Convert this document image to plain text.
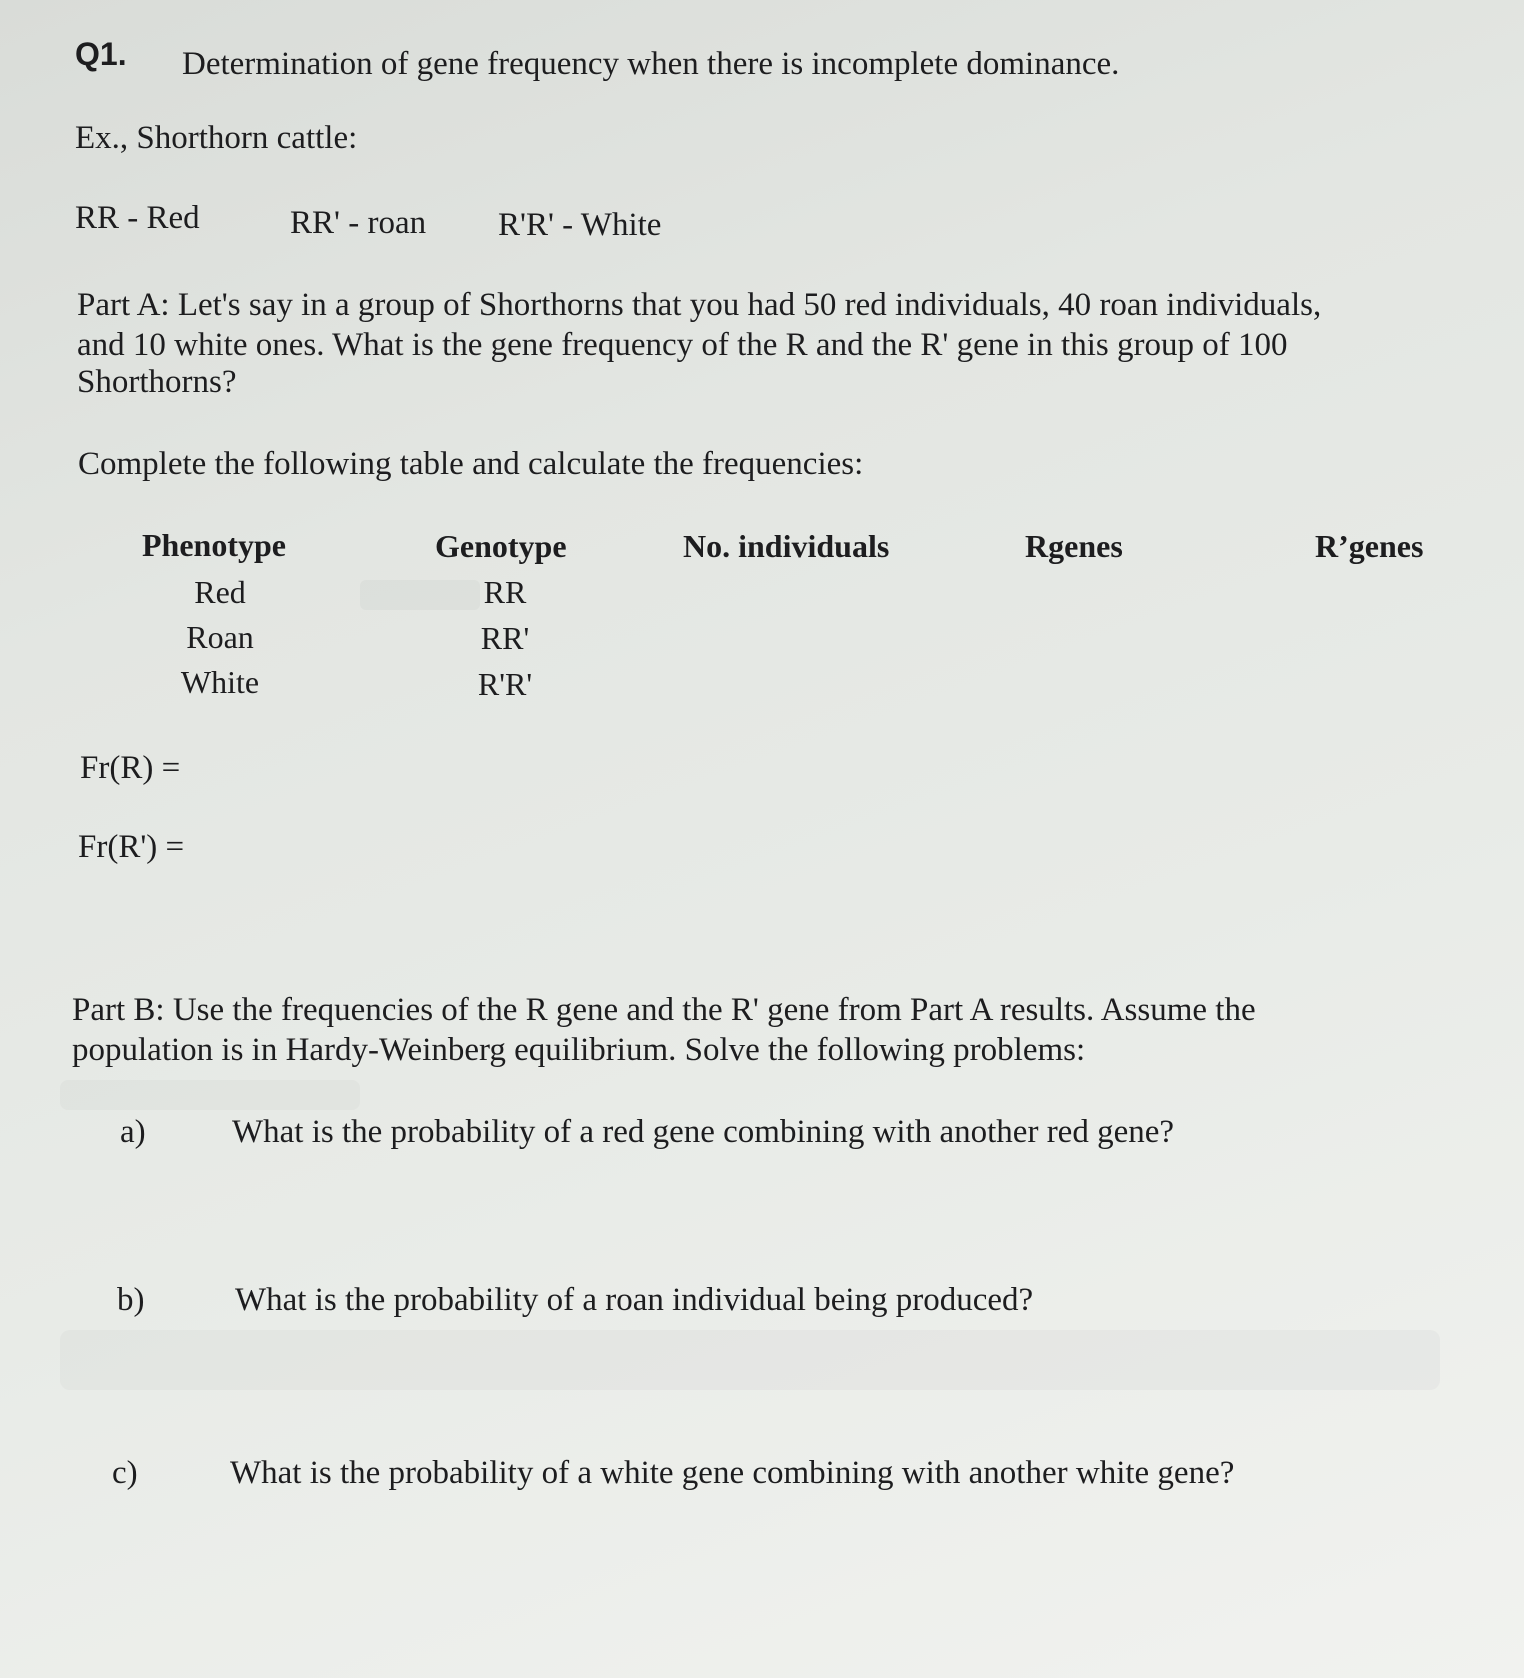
Q1. Determination of gene frequency when there is incomplete dominance.
Ex., Shorthorn cattle:
RR - Red	RR' - roan R'R' - White
Part A: Let's say in a group of Shorthorns that you had 50 red individuals, 40 roan individuals,
and 10 white ones. What is the gene frequency of the R and the R' gene in this group of 100
Shorthorns?
Complete the following table and calculate the frequencies:
Phenotype	Genotype	No. individuals	Rgenes	R’genes
Red	RR
Roan	RR'
White	R'R'
Fr(R) =
Fr(R') =
Part B: Use the frequencies of the R gene and the R' gene from Part A results. Assume the
population is in Hardy-Weinberg equilibrium. Solve the following problems:
a)	What is the probability of a red gene combining with another red gene?
b)	What is the probability of a roan individual being produced?
c)	What is the probability of a white gene combining with another white gene?
